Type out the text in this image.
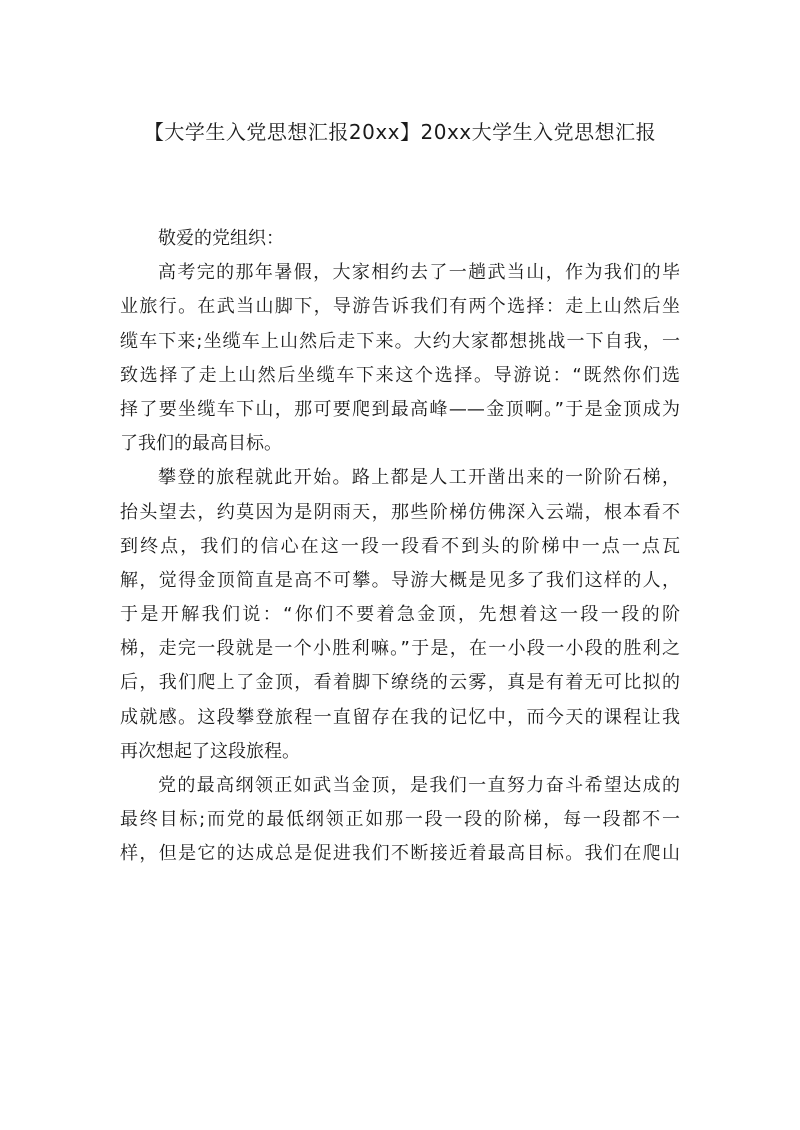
【大学生入党思想汇报20xx】20xx大学生入党思想汇报
敬爱的党组织：
高考完的那年暑假，大家相约去了一趟武当山，作为我们的毕
业旅行。在武当山脚下，导游告诉我们有两个选择：走上山然后坐
缆车下来;坐缆车上山然后走下来。大约大家都想挑战一下自我，一
致选择了走上山然后坐缆车下来这个选择。导游说：“既然你们选
择了要坐缆车下山，那可要爬到最高峰——金顶啊。”于是金顶成为
了我们的最高目标。
攀登的旅程就此开始。路上都是人工开凿出来的一阶阶石梯，
抬头望去，约莫因为是阴雨天，那些阶梯仿佛深入云端，根本看不
到终点，我们的信心在这一段一段看不到头的阶梯中一点一点瓦
解，觉得金顶简直是高不可攀。导游大概是见多了我们这样的人，
于是开解我们说：“你们不要着急金顶，先想着这一段一段的阶
梯，走完一段就是一个小胜利嘛。”于是，在一小段一小段的胜利之
后，我们爬上了金顶，看着脚下缭绕的云雾，真是有着无可比拟的
成就感。这段攀登旅程一直留存在我的记忆中，而今天的课程让我
再次想起了这段旅程。
党的最高纲领正如武当金顶，是我们一直努力奋斗希望达成的
最终目标;而党的最低纲领正如那一段一段的阶梯，每一段都不一
样，但是它的达成总是促进我们不断接近着最高目标。我们在爬山
